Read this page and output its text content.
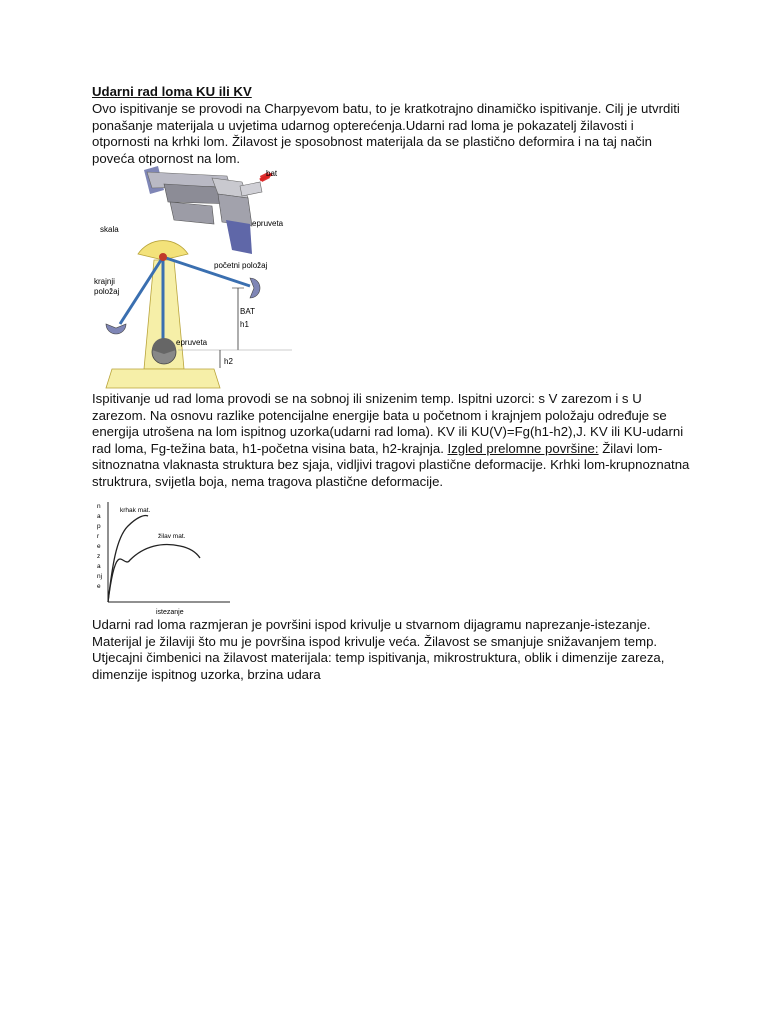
Udarni rad loma KU ili KV
Ovo ispitivanje se provodi na Charpyevom batu, to je kratkotrajno dinamičko ispitivanje. Cilj je utvrditi ponašanje materijala u uvjetima udarnog opterećenja.Udarni rad loma je pokazatelj žilavosti i otpornosti na krhki lom. Žilavost je sposobnost materijala da se plastično deformira i na taj način poveća otpornost na lom.
bat
epruveta
skala
početni položaj
krajnji
položaj
BAT
h1
epruveta
h2
Ispitivanje ud rad loma provodi se na sobnoj ili snizenim temp. Ispitni uzorci: s V zarezom i s U zarezom. Na osnovu razlike potencijalne energije bata u početnom i krajnjem položaju određuje se energija utrošena na lom ispitnog uzorka(udarni rad loma). KV ili KU(V)=Fg(h1-h2),J. KV ili KU-udarni rad loma, Fg-težina bata, h1-početna visina bata, h2-krajnja. Izgled prelomne površine: Žilavi lom-sitnoznatna vlaknasta struktura bez sjaja, vidljivi tragovi plastične deformacije. Krhki lom-krupnoznatna struktrura, svijetla boja, nema tragova plastične deformacije.
n
a
p
r
e
z
a
nj
e
krhak mat.
žilav mat.
istezanje
Udarni rad loma razmjeran je površini ispod krivulje u stvarnom dijagramu naprezanje-istezanje. Materijal je žilaviji što mu je površina ispod krivulje veća. Žilavost se smanjuje snižavanjem temp. Utjecajni čimbenici na žilavost materijala: temp ispitivanja, mikrostruktura, oblik i dimenzije zareza, dimenzije ispitnog uzorka, brzina udara
